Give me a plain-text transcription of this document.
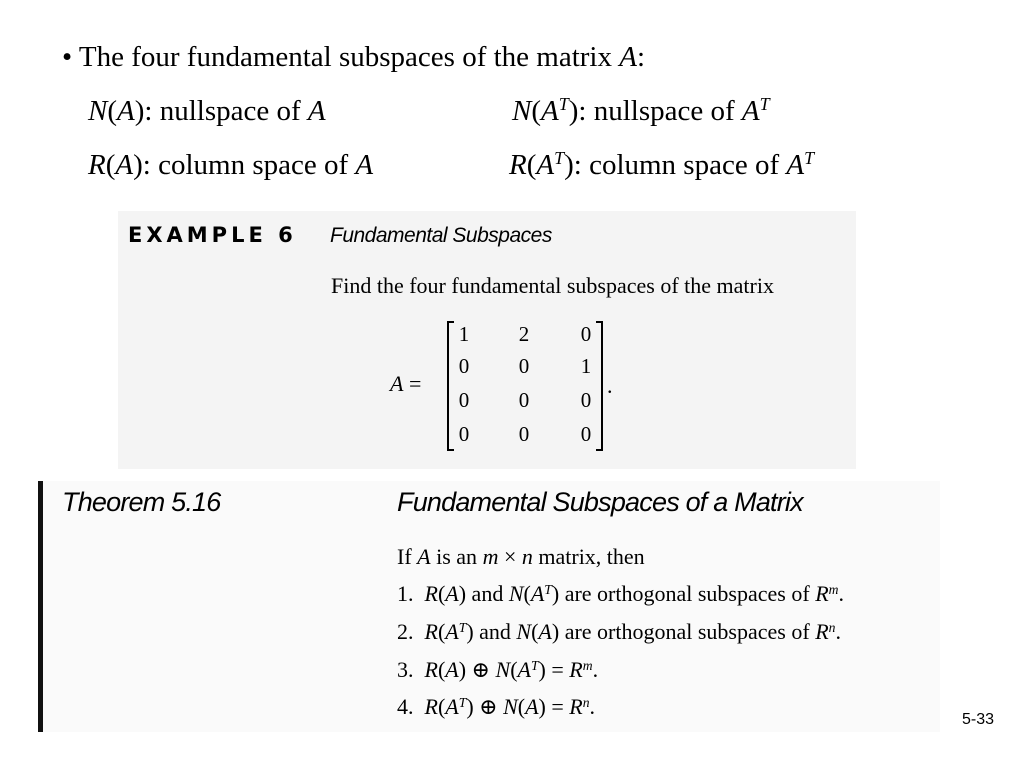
• The four fundamental subspaces of the matrix A:
N(A): nullspace of A	$N(A^T)$: nullspace of $A^T$
R(A): column space of A	$R(A^T)$: column space of $A^T$
EXAMPLE 6 Fundamental Subspaces
Find the four fundamental subspaces of the matrix
A =
1 2 0
0 0 1
0 0 0
0 0 0
.
Theorem 5.16	Fundamental Subspaces of a Matrix
If A is an m × n matrix, then
1.  R(A) and $N(A^T)$ are orthogonal subspaces of $R^m$.
2.  $R(A^T)$ and N(A) are orthogonal subspaces of $R^n$.
3.  R(A) ⊕ $N(A^T) = R^m$.
4.  $R(A^T)$ ⊕ $N(A) = R^n$.
5-33
